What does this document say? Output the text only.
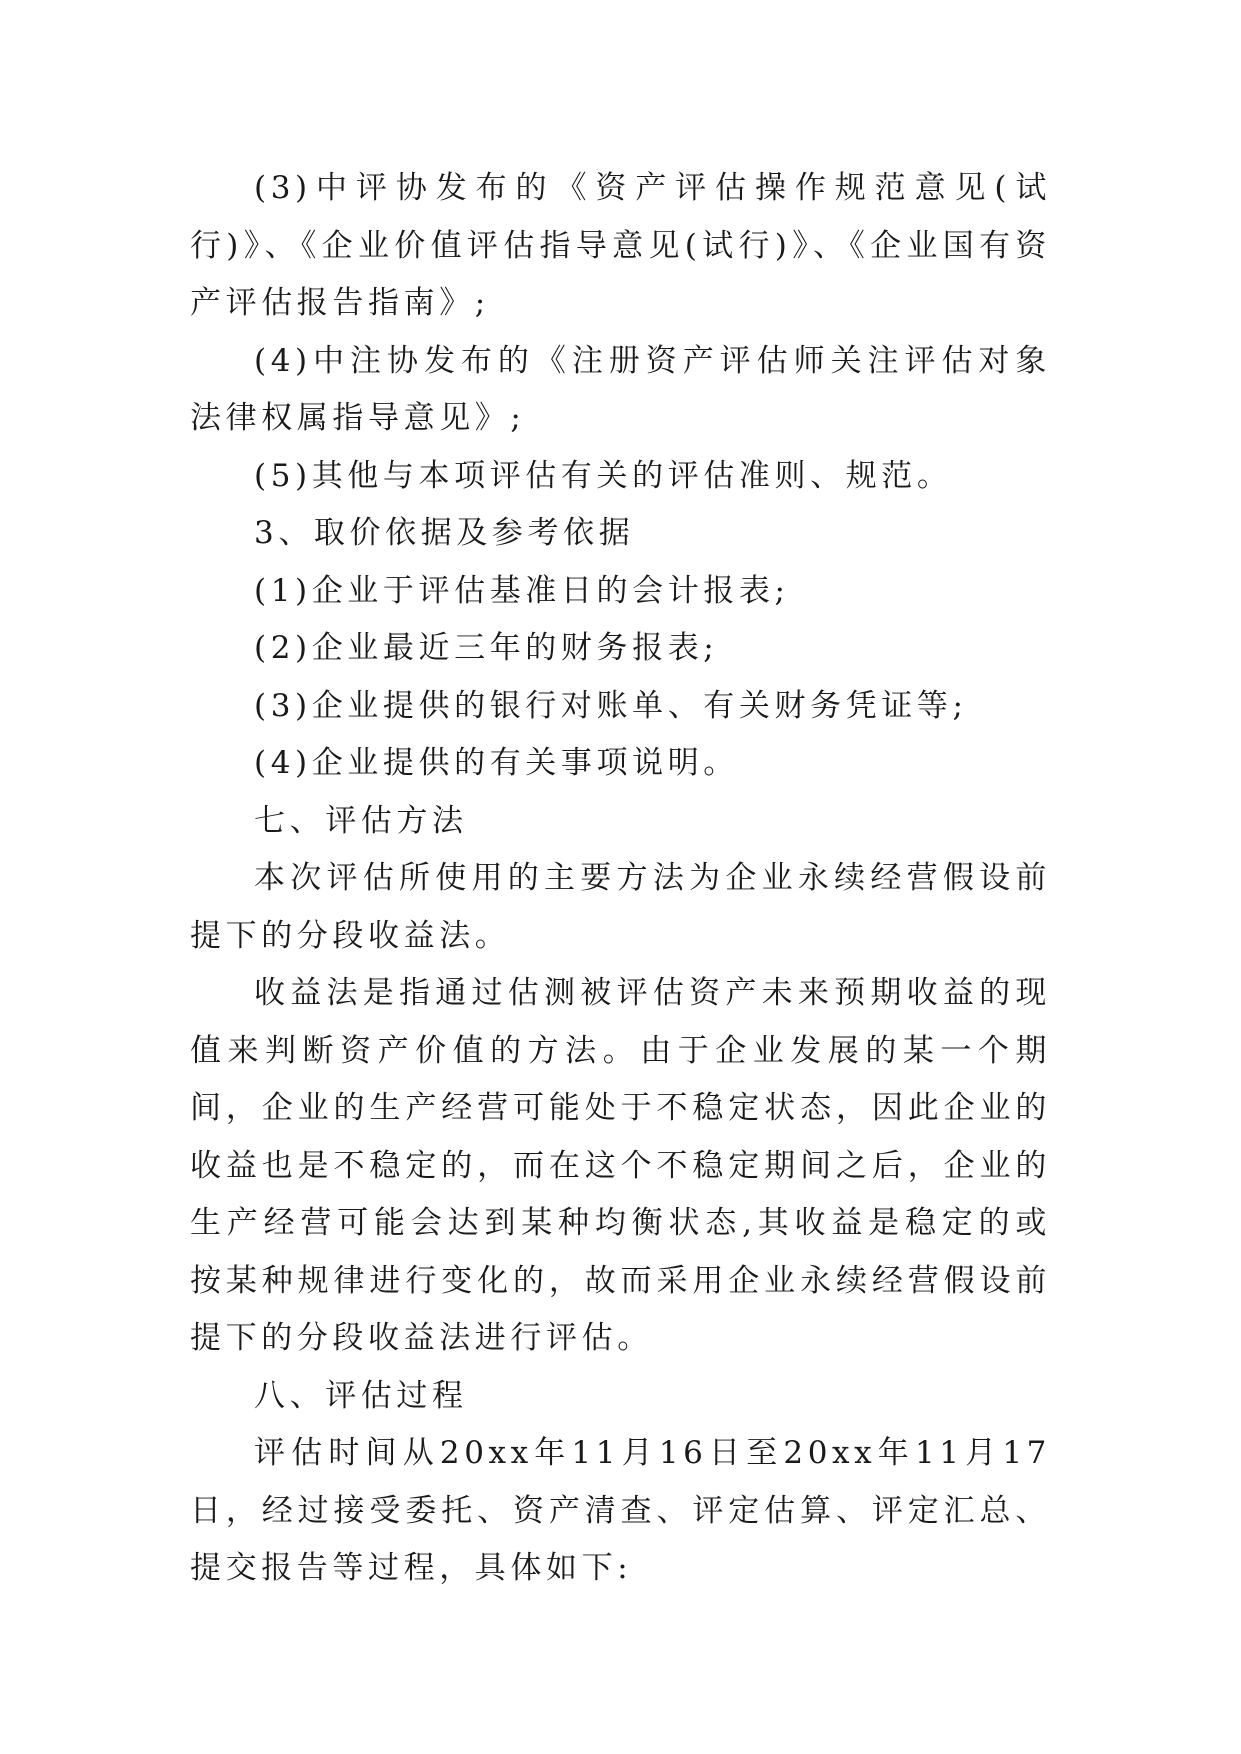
(3)中评协发布的《资产评估操作规范意见(试行)》、《企业价值评估指导意见(试行)》、《企业国有资产评估报告指南》;

(4)中注协发布的《注册资产评估师关注评估对象法律权属指导意见》;

(5)其他与本项评估有关的评估准则、规范。

3、取价依据及参考依据

(1)企业于评估基准日的会计报表;

(2)企业最近三年的财务报表;

(3)企业提供的银行对账单、有关财务凭证等;

(4)企业提供的有关事项说明。

七、评估方法

本次评估所使用的主要方法为企业永续经营假设前提下的分段收益法。

收益法是指通过估测被评估资产未来预期收益的现值来判断资产价值的方法。由于企业发展的某一个期间，企业的生产经营可能处于不稳定状态，因此企业的收益也是不稳定的，而在这个不稳定期间之后，企业的生产经营可能会达到某种均衡状态,其收益是稳定的或按某种规律进行变化的，故而采用企业永续经营假设前提下的分段收益法进行评估。

八、评估过程

评估时间从20xx年11月16日至20xx年11月17日，经过接受委托、资产清查、评定估算、评定汇总、提交报告等过程，具体如下:
